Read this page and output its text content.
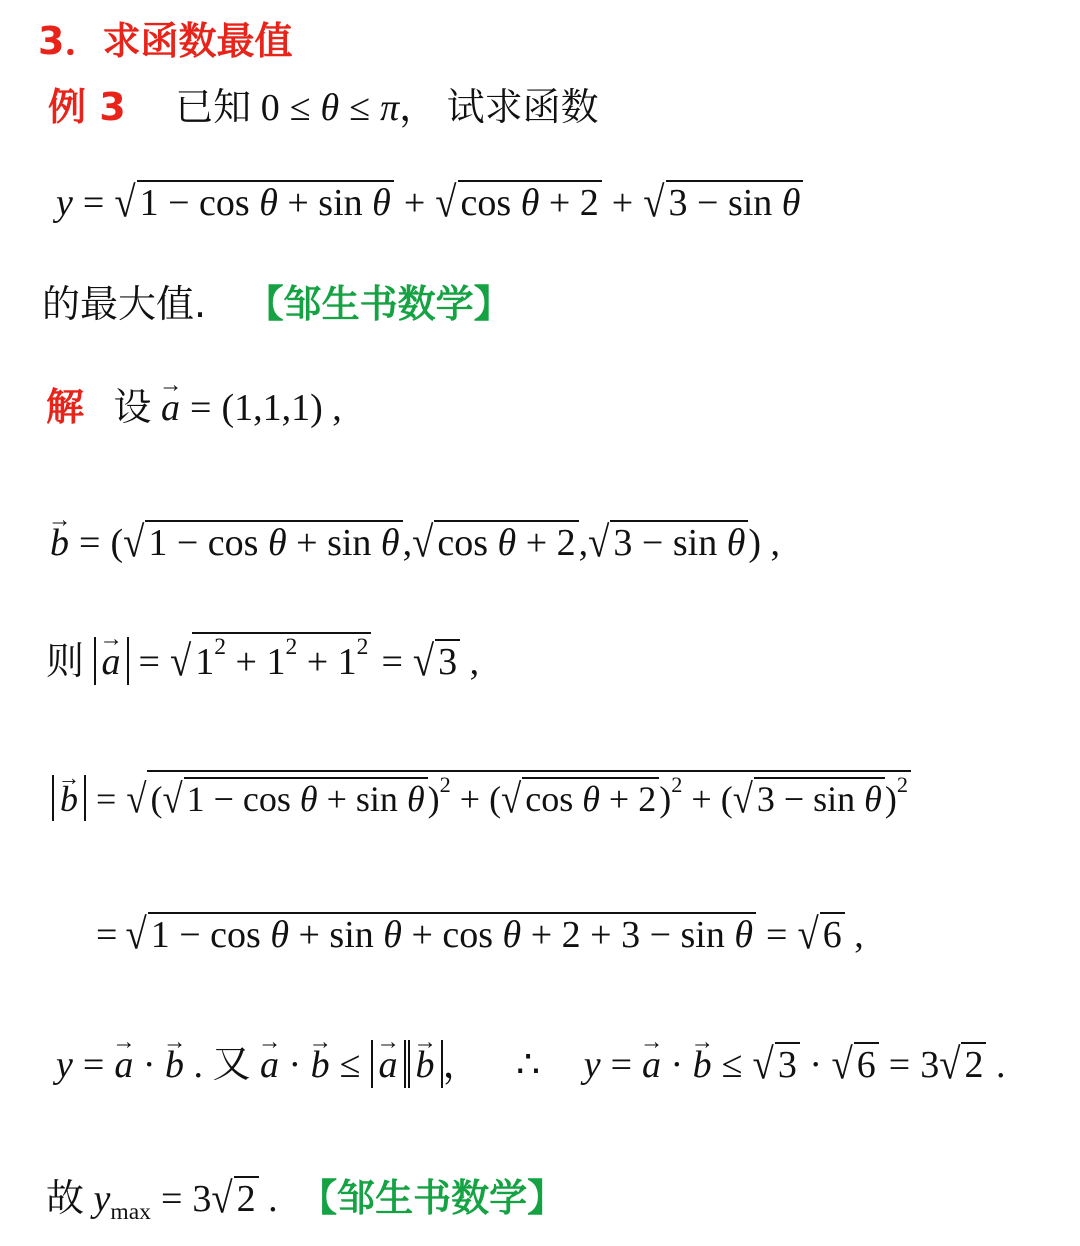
3．求函数最值
例 3 已知 0 ≤ θ ≤ π， 试求函数
y = √ 1 − cos θ + sin θ + √ cos θ + 2 + √ 3 − sin θ
的最大值. 【邹生书数学】
解 设 → a = (1,1,1) ,
→ b = (√ 1 − cos θ + sin θ,√ cos θ + 2,√ 3 − sin θ) ,
则 → a = √ $1^2 + 1^2 + 1^2$ = √ 3 ,
→ b = √ (√ 1 − cos θ + sin θ)$^2$ + (√ cos θ + 2)$^2$ + (√ 3 − sin θ)$^2$
= √ 1 − cos θ + sin θ + cos θ + 2 + 3 − sin θ = √ 6 ,
y = → a · → b . 又 → a · → b ≤ → a → b ， ∴ y = → a · → b ≤ √ 3 · √ 6 = 3√ 2 .
故 $y_{max} = 3√$ 2 . 【邹生书数学】
